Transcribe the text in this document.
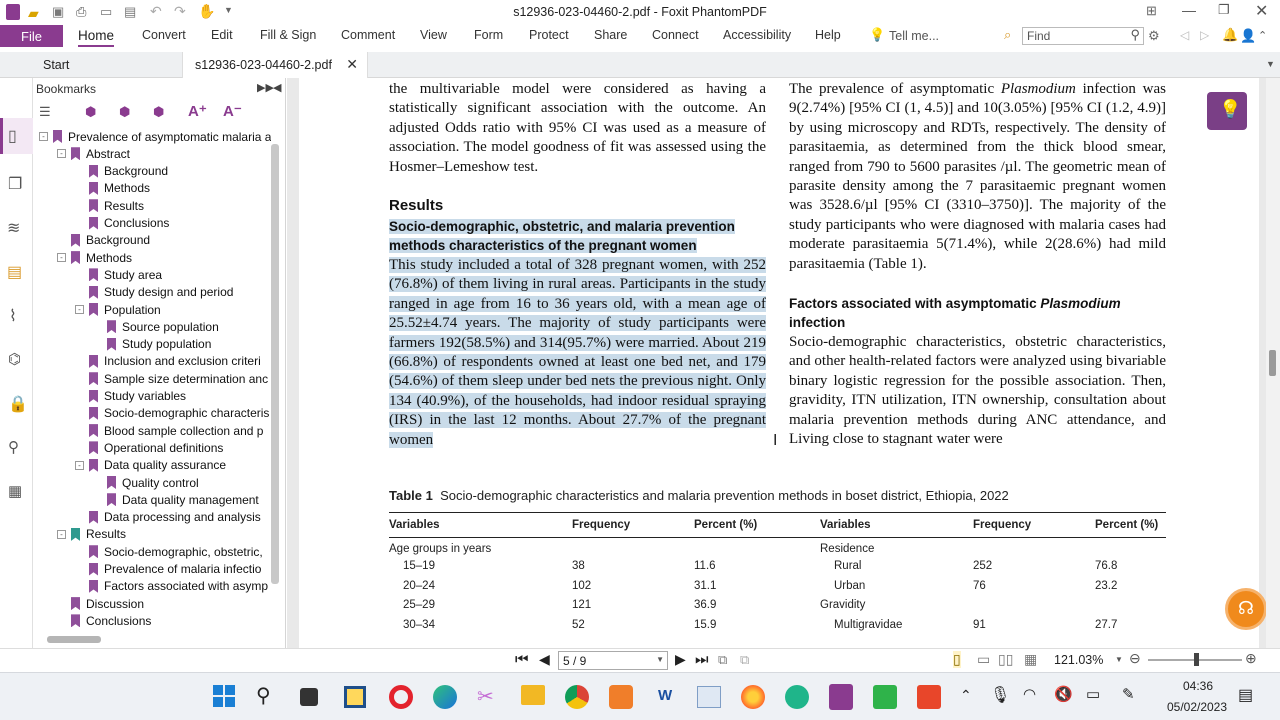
▰ ▣ ⎙ ▭ ▤ ↶ ↷ ✋ ▼	s12936-023-04460-2.pdf - Foxit PhantomPDF	⊞ — ❐ ✕
File	Home Convert Edit Fill & Sign Comment View Form Protect Share Connect Accessibility Help 💡 Tell me...	⌕ Find	⚲ ⚙ ◁ ▷ 🔔 👤 ⌃
Start	s12936-023-04460-2.pdf ✕	▼
▯
❐
≋
▤
⌇
⌬
🔒
⚲
▦
Bookmarks	▶▶ ◀
☰	⬢ ⬢ ⬢ A⁺ A⁻
- Prevalence of asymptomatic malaria a
- Abstract
Background
Methods
Results
Conclusions
Background
- Methods
Study area
Study design and period
- Population
Source population
Study population
Inclusion and exclusion criteri
Sample size determination anc
Study variables
Socio-demographic characteris
Blood sample collection and p
Operational definitions
- Data quality assurance
Quality control
Data quality management
Data processing and analysis
- Results
Socio-demographic, obstetric,
Prevalence of malaria infectio
Factors associated with asymp
Discussion
Conclusions
the multivariable model were considered as having a statistically significant association with the outcome. An adjusted Odds ratio with 95% CI was used as a measure of association. The model goodness of fit was assessed using the Hosmer–Lemeshow test.
Results
Socio-demographic, obstetric, and malaria prevention methods characteristics of the pregnant women
This study included a total of 328 pregnant women, with 252 (76.8%) of them living in rural areas. Participants in the study ranged in age from 16 to 36 years old, with a mean age of 25.52±4.74 years. The majority of study participants were farmers 192(58.5%) and 314(95.7%) were married. About 219 (66.8%) of respondents owned at least one bed net, and 179 (54.6%) of them sleep under bed nets the previous night. Only 134 (40.9%), of the households, had indoor residual spraying (IRS) in the last 12 months. About 27.7% of the pregnant women	I
The prevalence of asymptomatic Plasmodium infection was 9(2.74%) [95% CI (1, 4.5)] and 10(3.05%) [95% CI (1.2, 4.9)] by using microscopy and RDTs, respectively. The density of parasitaemia, as determined from the thick blood smear, ranged from 790 to 5600 parasites /µl. The geometric mean of parasite density among the 7 parasitaemic pregnant women was 3528.6/µl [95% CI (3310–3750)]. The majority of the study participants who were diagnosed with malaria cases had moderate parasitaemia 5(71.4%), while 2(28.6%) had mild parasitaemia (Table 1).
Factors associated with asymptomatic Plasmodium
infection
Socio-demographic characteristics, obstetric characteristics, and other health-related factors were analyzed using bivariable binary logistic regression for the possible association. Then, gravidity, ITN utilization, ITN ownership, consultation about malaria prevention methods during ANC attendance, and Living close to stagnant water were
Table 1 Socio-demographic characteristics and malaria prevention methods in boset district, Ethiopia, 2022
Variables	Frequency	Percent (%)	Variables	Frequency	Percent (%)
Age groups in years			Residence		
15–19	38	11.6	Rural	252	76.8
20–24	102	31.1	Urban	76	23.2
25–29	121	36.9	Gravidity		
30–34	52	15.9	Multigravidae	91	27.7
💡
☊
⏮ ◀ 5 / 9	▼ ▶ ⏭ ⧉ ⧉	▯ ▭ ▯▯ ▦ 121.03% ▼ ⊖	⊕
⚲	✂	W	⌃ 🎙 ◠ 🔇 ▭ ✎	04:36
05/02/2023
▤
